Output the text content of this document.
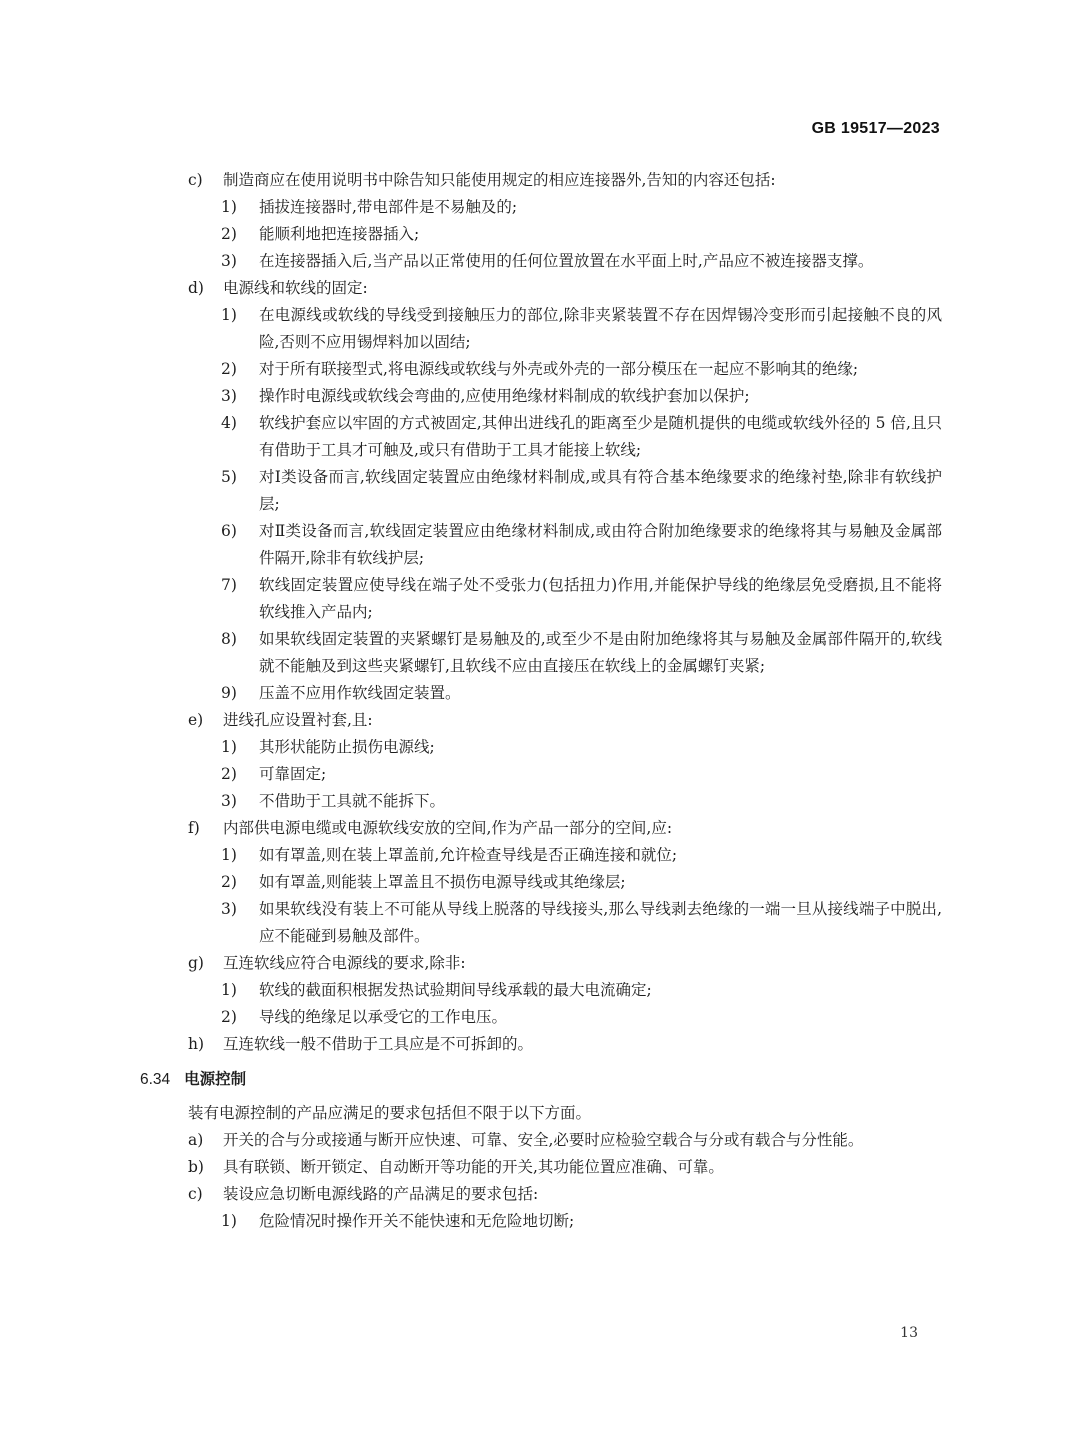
GB 19517—2023
c) 制造商应在使用说明书中除告知只能使用规定的相应连接器外,告知的内容还包括:
1) 插拔连接器时,带电部件是不易触及的;
2) 能顺利地把连接器插入;
3) 在连接器插入后,当产品以正常使用的任何位置放置在水平面上时,产品应不被连接器支撑。
d) 电源线和软线的固定:
1) 在电源线或软线的导线受到接触压力的部位,除非夹紧装置不存在因焊锡冷变形而引起接触不良的风险,否则不应用锡焊料加以固结;
2) 对于所有联接型式,将电源线或软线与外壳或外壳的一部分模压在一起应不影响其的绝缘;
3) 操作时电源线或软线会弯曲的,应使用绝缘材料制成的软线护套加以保护;
4) 软线护套应以牢固的方式被固定,其伸出进线孔的距离至少是随机提供的电缆或软线外径的 5 倍,且只有借助于工具才可触及,或只有借助于工具才能接上软线;
5) 对Ⅰ类设备而言,软线固定装置应由绝缘材料制成,或具有符合基本绝缘要求的绝缘衬垫,除非有软线护层;
6) 对Ⅱ类设备而言,软线固定装置应由绝缘材料制成,或由符合附加绝缘要求的绝缘将其与易触及金属部件隔开,除非有软线护层;
7) 软线固定装置应使导线在端子处不受张力(包括扭力)作用,并能保护导线的绝缘层免受磨损,且不能将软线推入产品内;
8) 如果软线固定装置的夹紧螺钉是易触及的,或至少不是由附加绝缘将其与易触及金属部件隔开的,软线就不能触及到这些夹紧螺钉,且软线不应由直接压在软线上的金属螺钉夹紧;
9) 压盖不应用作软线固定装置。
e) 进线孔应设置衬套,且:
1) 其形状能防止损伤电源线;
2) 可靠固定;
3) 不借助于工具就不能拆下。
f) 内部供电源电缆或电源软线安放的空间,作为产品一部分的空间,应:
1) 如有罩盖,则在装上罩盖前,允许检查导线是否正确连接和就位;
2) 如有罩盖,则能装上罩盖且不损伤电源导线或其绝缘层;
3) 如果软线没有装上不可能从导线上脱落的导线接头,那么导线剥去绝缘的一端一旦从接线端子中脱出,应不能碰到易触及部件。
g) 互连软线应符合电源线的要求,除非:
1) 软线的截面积根据发热试验期间导线承载的最大电流确定;
2) 导线的绝缘足以承受它的工作电压。
h) 互连软线一般不借助于工具应是不可拆卸的。
6.34 电源控制
装有电源控制的产品应满足的要求包括但不限于以下方面。
a) 开关的合与分或接通与断开应快速、可靠、安全,必要时应检验空载合与分或有载合与分性能。
b) 具有联锁、断开锁定、自动断开等功能的开关,其功能位置应准确、可靠。
c) 装设应急切断电源线路的产品满足的要求包括:
1) 危险情况时操作开关不能快速和无危险地切断;
13
